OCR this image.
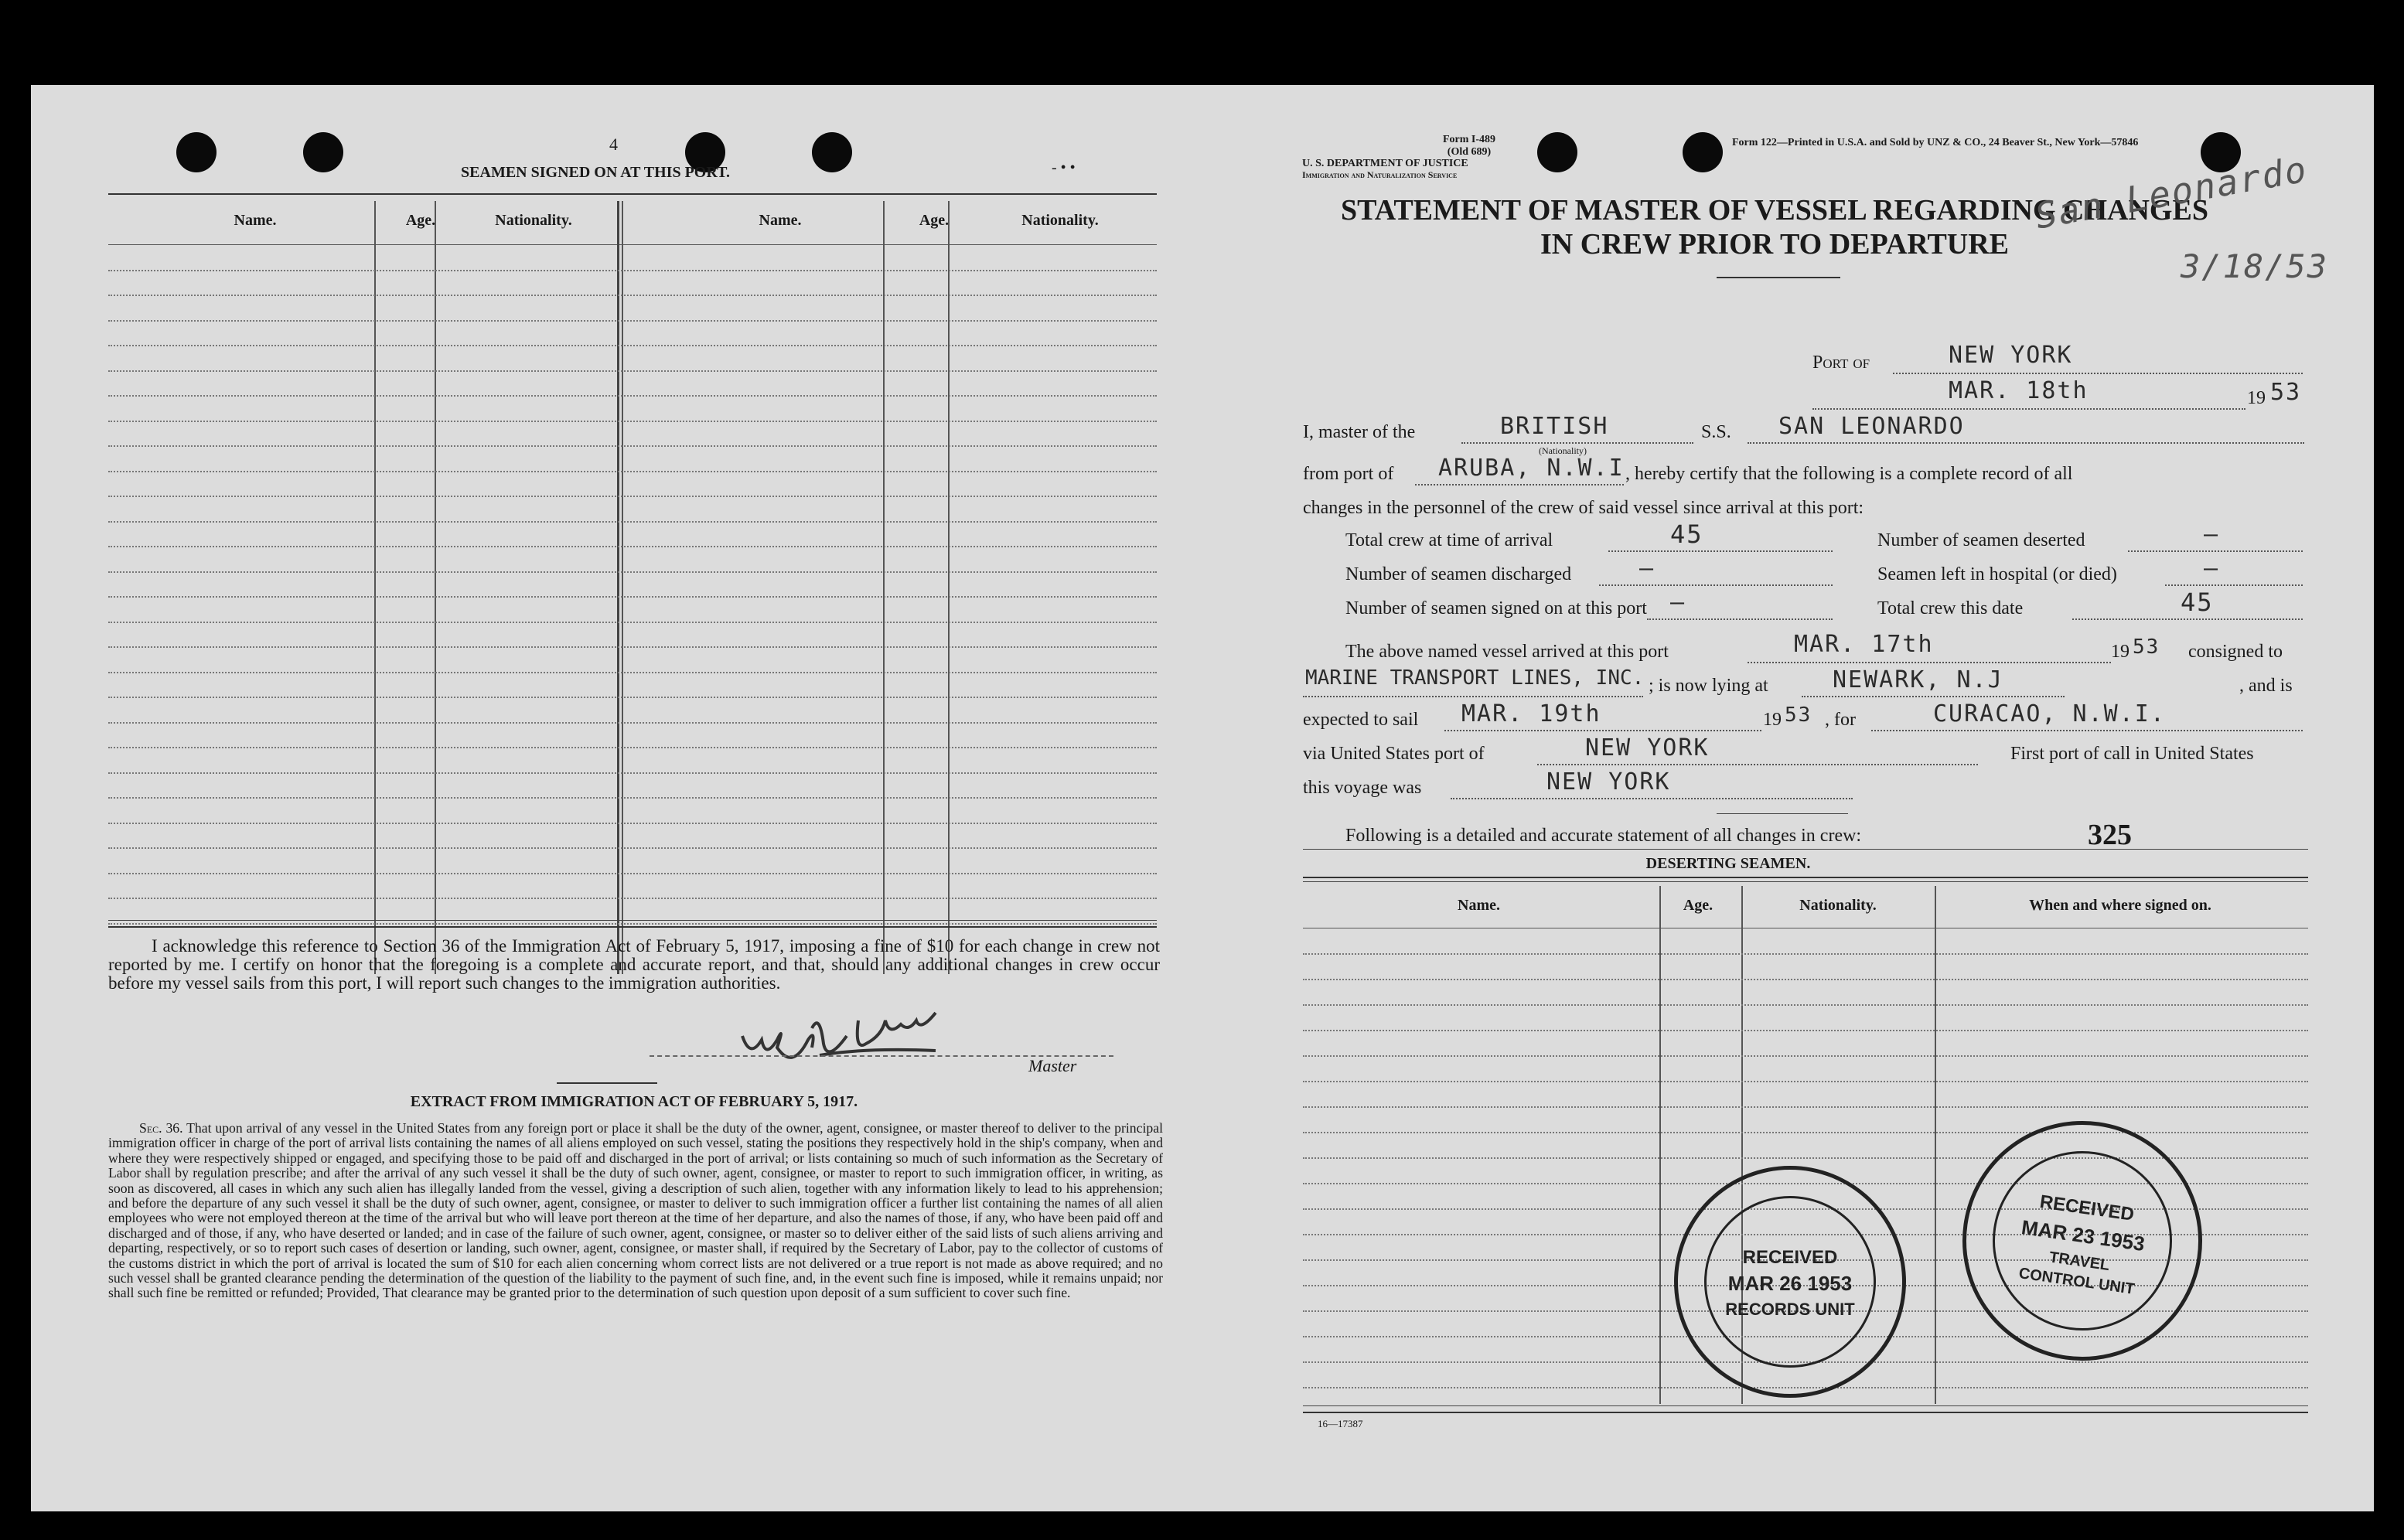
4
SEAMEN SIGNED ON AT THIS PORT.	- • •
Name.	Age.	Nationality.	Name.	Age.	Nationality.
I acknowledge this reference to Section 36 of the Immigration Act of February 5, 1917, imposing a fine of $10 for each change in crew not reported by me. I certify on honor that the foregoing is a complete and accurate report, and that, should any additional changes in crew occur before my vessel sails from this port, I will report such changes to the immigration authorities.
Master
EXTRACT FROM IMMIGRATION ACT OF FEBRUARY 5, 1917.
Sec. 36. That upon arrival of any vessel in the United States from any foreign port or place it shall be the duty of the owner, agent, consignee, or master thereof to deliver to the principal immigration officer in charge of the port of arrival lists containing the names of all aliens employed on such vessel, stating the positions they respectively hold in the ship's company, when and where they were respectively shipped or engaged, and specifying those to be paid off and discharged in the port of arrival; or lists containing so much of such information as the Secretary of Labor shall by regulation prescribe; and after the arrival of any such vessel it shall be the duty of such owner, agent, consignee, or master to report to such immigration officer, in writing, as soon as discovered, all cases in which any such alien has illegally landed from the vessel, giving a description of such alien, together with any information likely to lead to his apprehension; and before the departure of any such vessel it shall be the duty of such owner, agent, consignee, or master to deliver to such immigration officer a further list containing the names of all alien employees who were not employed thereon at the time of the arrival but who will leave port thereon at the time of her departure, and also the names of those, if any, who have been paid off and discharged and of those, if any, who have deserted or landed; and in case of the failure of such owner, agent, consignee, or master so to deliver either of the said lists of such aliens arriving and departing, respectively, or so to report such cases of desertion or landing, such owner, agent, consignee, or master shall, if required by the Secretary of Labor, pay to the collector of customs of the customs district in which the port of arrival is located the sum of $10 for each alien concerning whom correct lists are not delivered or a true report is not made as above required; and no such vessel shall be granted clearance pending the determination of the question of the liability to the payment of such fine, and, in the event such fine is imposed, while it remains unpaid; nor shall such fine be remitted or refunded; Provided, That clearance may be granted prior to the determination of such question upon deposit of a sum sufficient to cover such fine.
Form I-489
(Old 689)
U. S. DEPARTMENT OF JUSTICE
Immigration and Naturalization Service
Form 122—Printed in U.S.A. and Sold by UNZ & CO., 24 Beaver St., New York—57846
STATEMENT OF MASTER OF VESSEL REGARDING CHANGES
IN CREW PRIOR TO DEPARTURE
San Leonardo
3/18/53
Port of	NEW YORK
MAR. 18th	19 53
I, master of the	BRITISH
(Nationality)
S.S. SAN LEONARDO
from port of ARUBA, N.W.I , hereby certify that the following is a complete record of all
changes in the personnel of the crew of said vessel since arrival at this port:
Total crew at time of arrival	45	Number of seamen deserted	—
Number of seamen discharged	—	Seamen left in hospital (or died)	—
Number of seamen signed on at this port —	Total crew this date	45
The above named vessel arrived at this port	MAR. 17th	19 53 consigned to
MARINE TRANSPORT LINES, INC. ; is now lying at	NEWARK, N.J	, and is
expected to sail MAR. 19th	19 53 , for	CURACAO, N.W.I.
via United States port of	NEW YORK	First port of call in United States
this voyage was	NEW YORK
Following is a detailed and accurate statement of all changes in crew:	325
DESERTING SEAMEN.
Name.	Age.	Nationality.	When and where signed on.
16—17387
RECEIVED
MAR 26 1953
RECORDS UNIT
RECEIVED
MAR 23 1953
TRAVEL CONTROL UNIT
